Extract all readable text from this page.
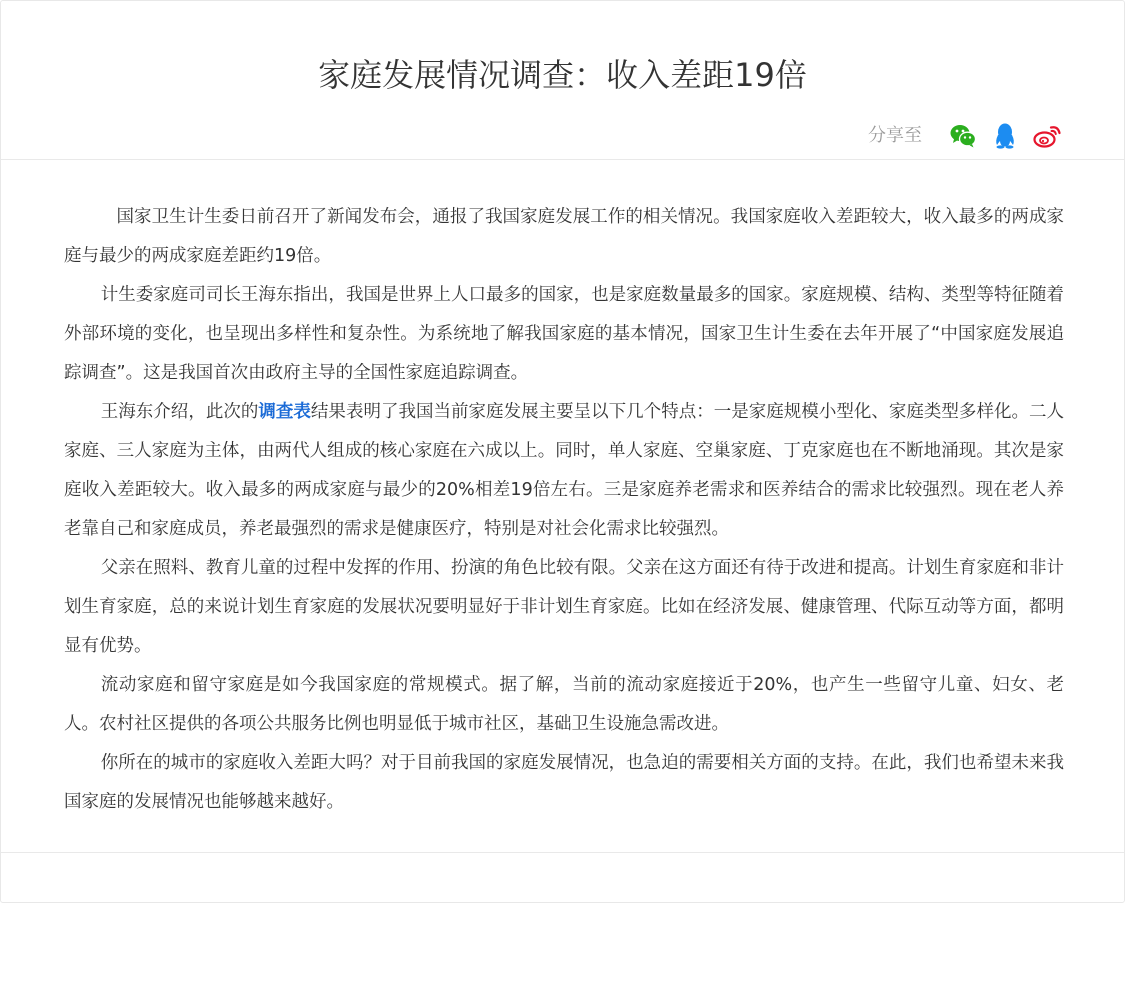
家庭发展情况调查：收入差距19倍
分享至

国家卫生计生委日前召开了新闻发布会，通报了我国家庭发展工作的相关情况。我国家庭收入差距较大，收入最多的两成家庭与最少的两成家庭差距约19倍。

计生委家庭司司长王海东指出，我国是世界上人口最多的国家，也是家庭数量最多的国家。家庭规模、结构、类型等特征随着外部环境的变化，也呈现出多样性和复杂性。为系统地了解我国家庭的基本情况，国家卫生计生委在去年开展了“中国家庭发展追踪调查”。这是我国首次由政府主导的全国性家庭追踪调查。

王海东介绍，此次的调查表结果表明了我国当前家庭发展主要呈以下几个特点：一是家庭规模小型化、家庭类型多样化。二人家庭、三人家庭为主体，由两代人组成的核心家庭在六成以上。同时，单人家庭、空巢家庭、丁克家庭也在不断地涌现。其次是家庭收入差距较大。收入最多的两成家庭与最少的20%相差19倍左右。三是家庭养老需求和医养结合的需求比较强烈。现在老人养老靠自己和家庭成员，养老最强烈的需求是健康医疗，特别是对社会化需求比较强烈。

父亲在照料、教育儿童的过程中发挥的作用、扮演的角色比较有限。父亲在这方面还有待于改进和提高。计划生育家庭和非计划生育家庭，总的来说计划生育家庭的发展状况要明显好于非计划生育家庭。比如在经济发展、健康管理、代际互动等方面，都明显有优势。

流动家庭和留守家庭是如今我国家庭的常规模式。据了解，当前的流动家庭接近于20%，也产生一些留守儿童、妇女、老人。农村社区提供的各项公共服务比例也明显低于城市社区，基础卫生设施急需改进。

你所在的城市的家庭收入差距大吗？对于目前我国的家庭发展情况，也急迫的需要相关方面的支持。在此，我们也希望未来我国家庭的发展情况也能够越来越好。
